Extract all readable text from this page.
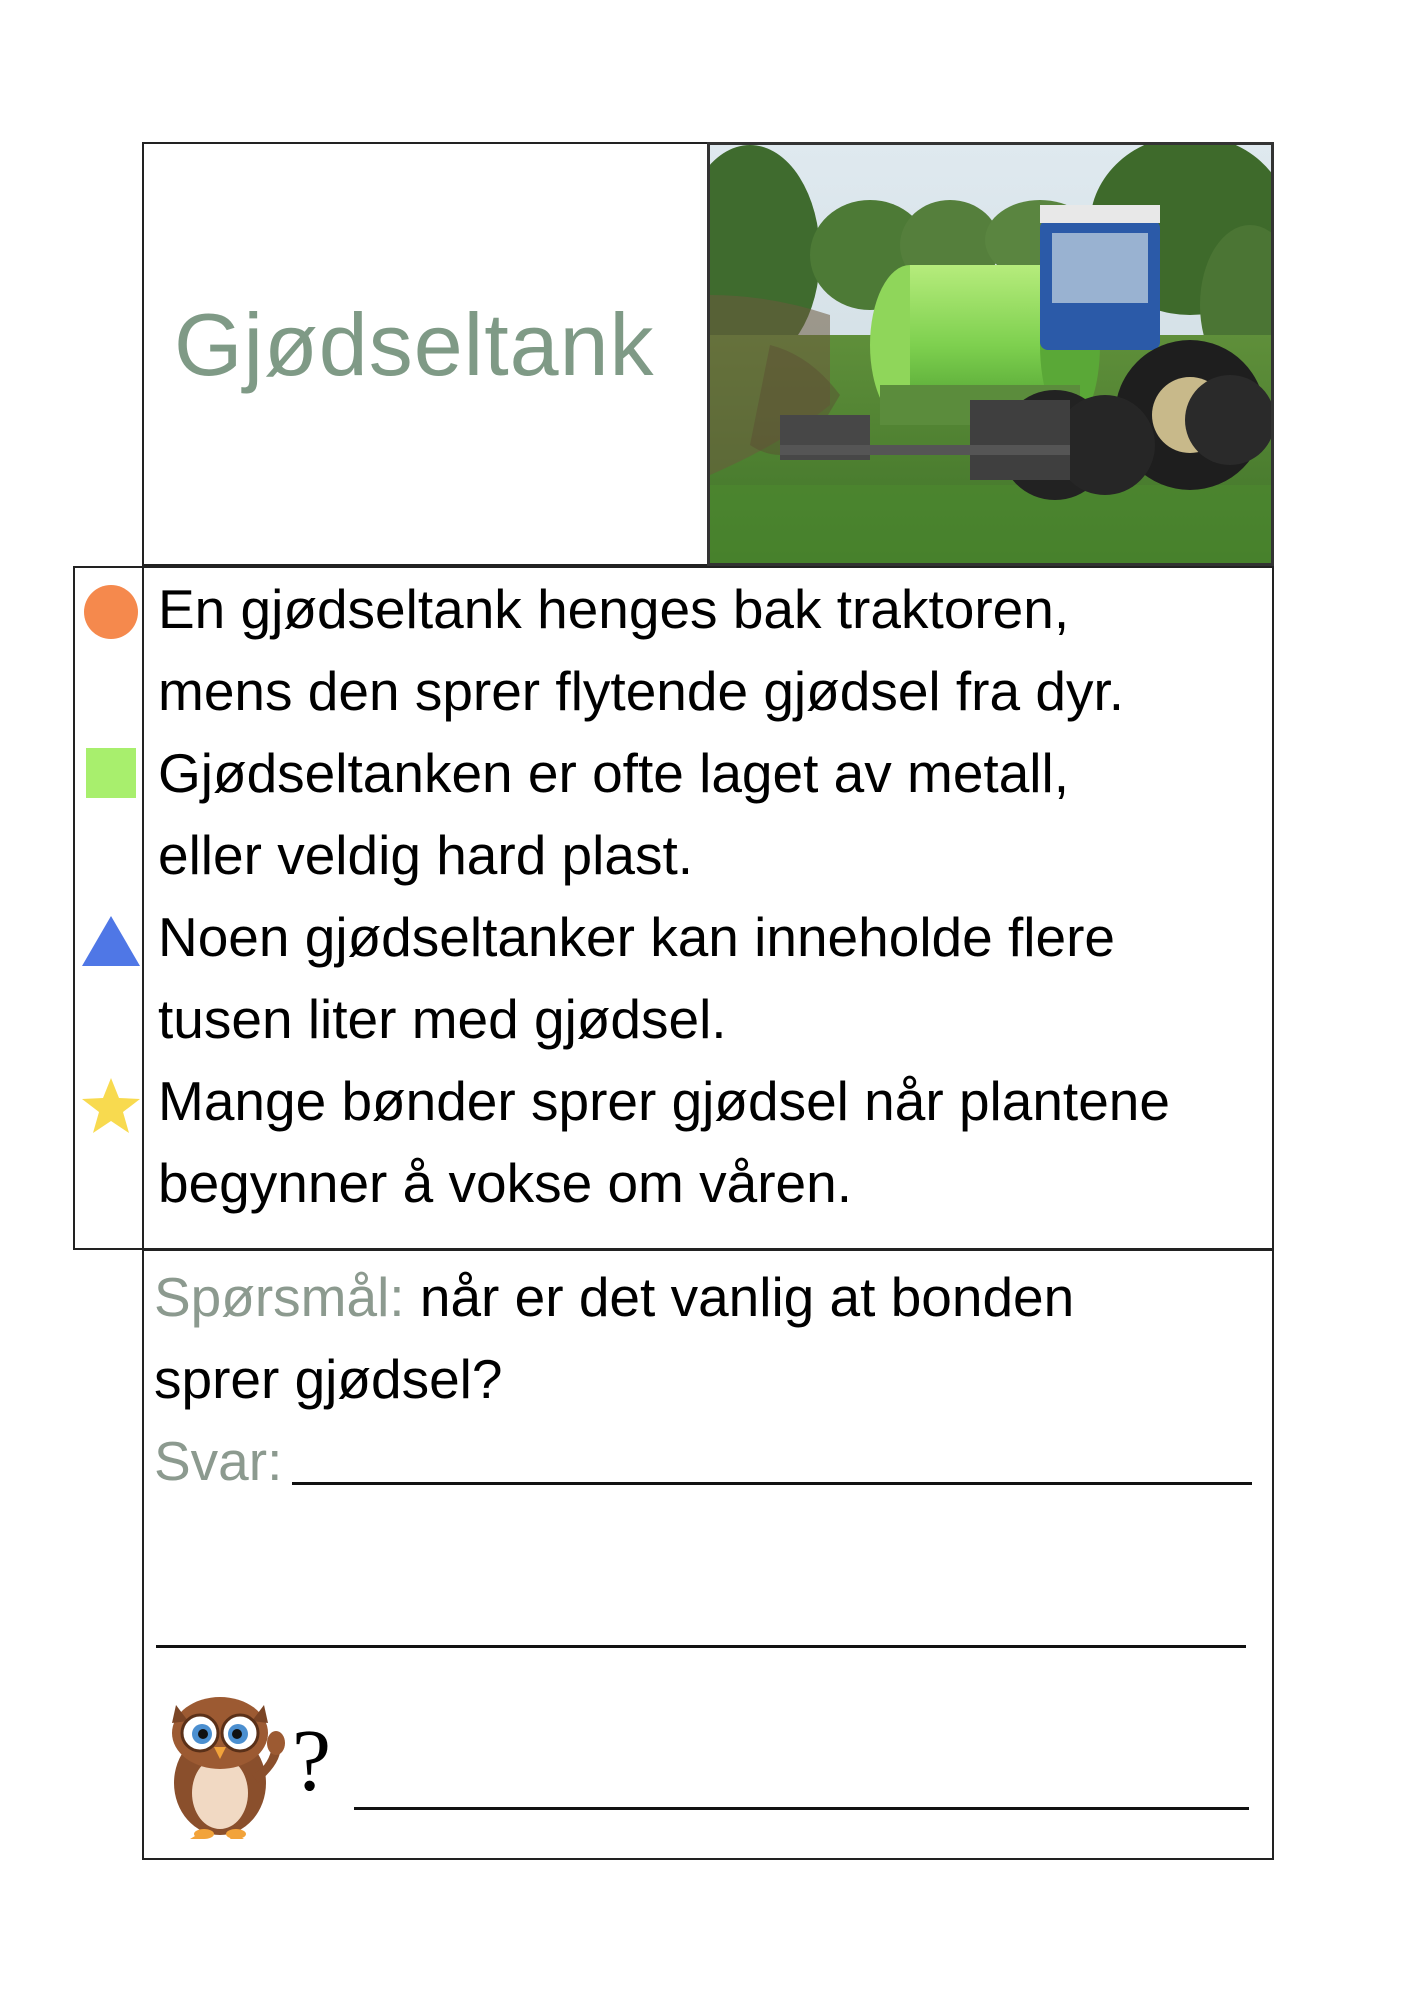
Gjødseltank
En gjødseltank henges bak traktoren,
mens den sprer flytende gjødsel fra dyr.
Gjødseltanken er ofte laget av metall,
eller veldig hard plast.
Noen gjødseltanker kan inneholde flere
tusen liter med gjødsel.
Mange bønder sprer gjødsel når plantene
begynner å vokse om våren.
Spørsmål: når er det vanlig at bonden
sprer gjødsel?
Svar:
?
